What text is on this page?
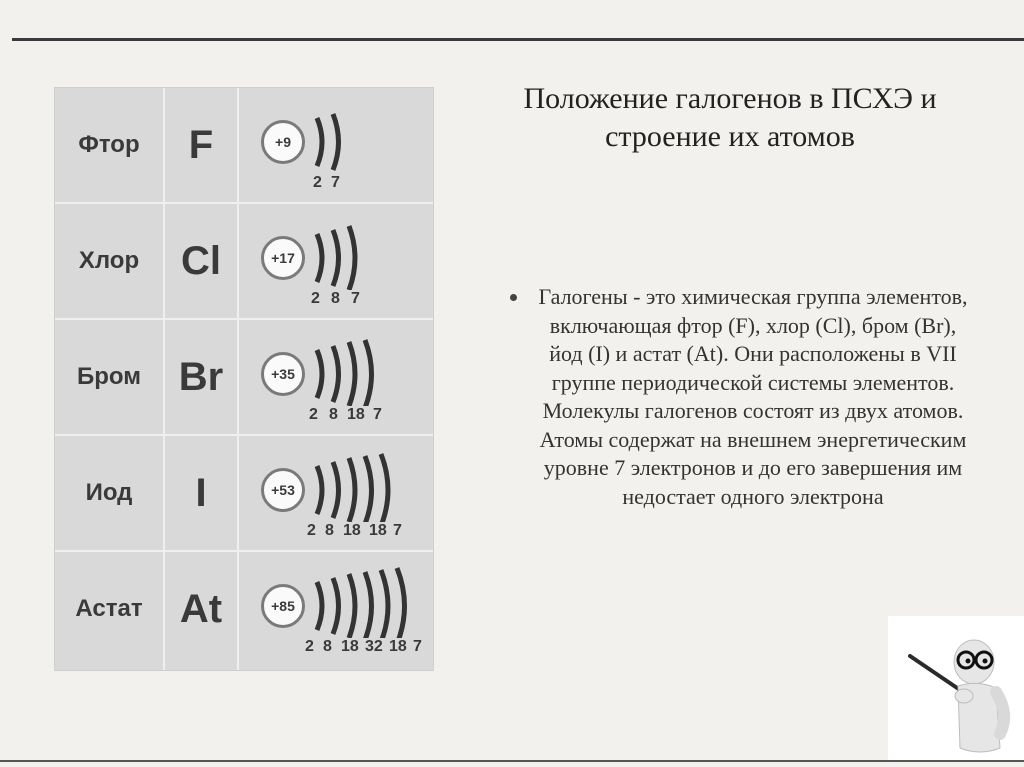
Фтор	F	+9
2 7
Хлор	Cl	+17
2 8 7
Бром Br	+35
2 8 18 7
Иод	I	+53
2 8 18 18 7
Астат At	+85
2 8 18 32 18 7
Положение галогенов в ПСХЭ и строение их атомов
Галогены - это химическая группа элементов, включающая фтор (F), хлор (Cl), бром (Br), йод (I) и астат (At). Они расположены в VII группе периодической системы элементов. Молекулы галогенов состоят из двух атомов. Атомы содержат на внешнем энергетическим уровне 7 электронов и до его завершения им недостает одного электрона
